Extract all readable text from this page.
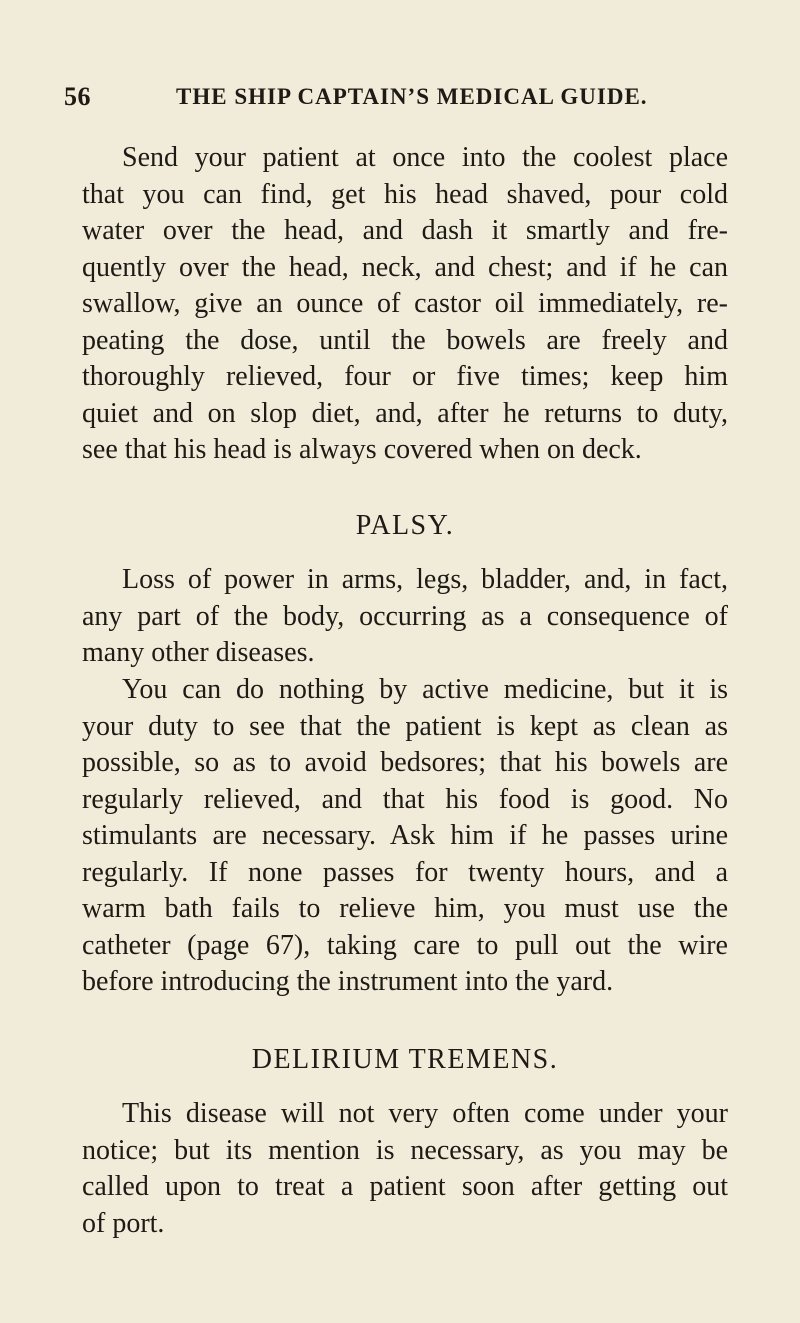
56	THE SHIP CAPTAIN’S MEDICAL GUIDE.
Send your patient at once into the coolest place
that you can find, get his head shaved, pour cold
water over the head, and dash it smartly and fre-
quently over the head, neck, and chest; and if he can
swallow, give an ounce of castor oil immediately, re-
peating the dose, until the bowels are freely and
thoroughly relieved, four or five times; keep him
quiet and on slop diet, and, after he returns to duty,
see that his head is always covered when on deck.
PALSY.
Loss of power in arms, legs, bladder, and, in fact,
any part of the body, occurring as a consequence of
many other diseases.
You can do nothing by active medicine, but it is
your duty to see that the patient is kept as clean as
possible, so as to avoid bedsores; that his bowels are
regularly relieved, and that his food is good. No
stimulants are necessary. Ask him if he passes urine
regularly. If none passes for twenty hours, and a
warm bath fails to relieve him, you must use the
catheter (page 67), taking care to pull out the wire
before introducing the instrument into the yard.
DELIRIUM TREMENS.
This disease will not very often come under your
notice; but its mention is necessary, as you may be
called upon to treat a patient soon after getting out
of port.
